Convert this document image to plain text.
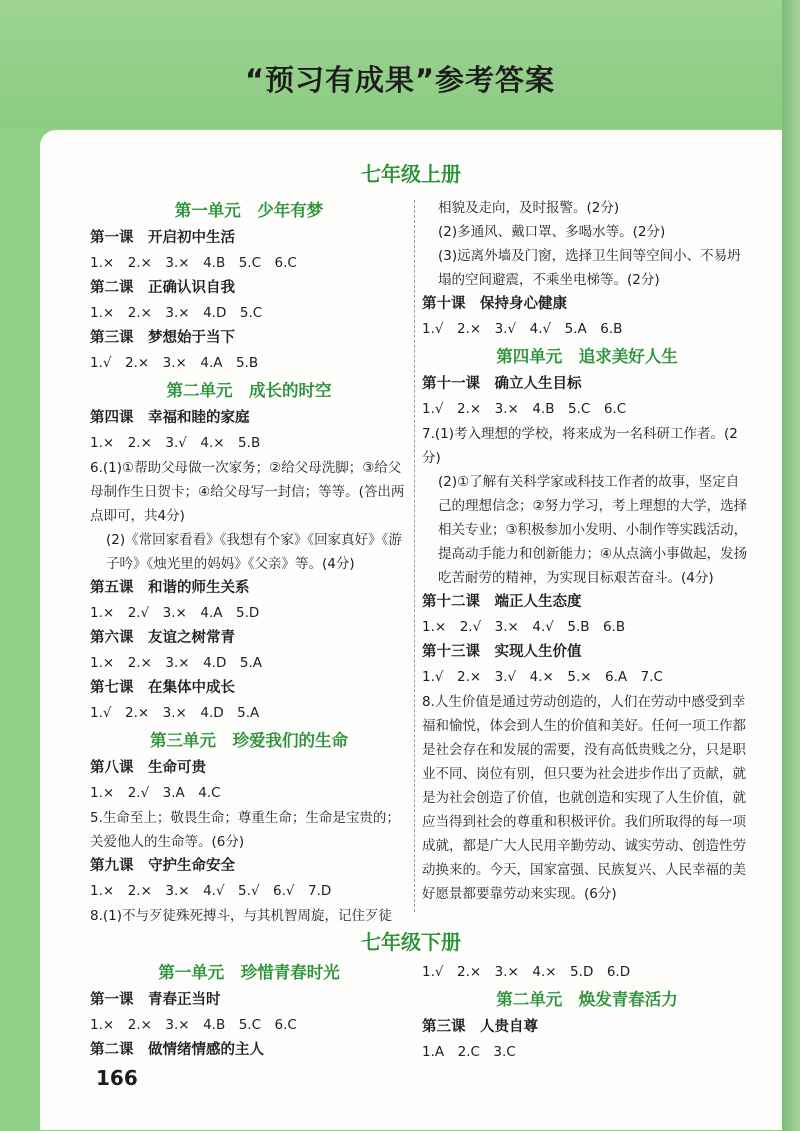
“预习有成果”参考答案
七年级上册
第一单元　少年有梦
第一课　开启初中生活
1.×　2.×　3.×　4.B　5.C　6.C
第二课　正确认识自我
1.×　2.×　3.×　4.D　5.C
第三课　梦想始于当下
1.√　2.×　3.×　4.A　5.B
第二单元　成长的时空
第四课　幸福和睦的家庭
1.×　2.×　3.√　4.×　5.B
6.(1)①帮助父母做一次家务；②给父母洗脚；③给父母制作生日贺卡；④给父母写一封信；等等。(答出两点即可，共4分)
(2)《常回家看看》《我想有个家》《回家真好》《游子吟》《烛光里的妈妈》《父亲》等。(4分)
第五课　和谐的师生关系
1.×　2.√　3.×　4.A　5.D
第六课　友谊之树常青
1.×　2.×　3.×　4.D　5.A
第七课　在集体中成长
1.√　2.×　3.×　4.D　5.A
第三单元　珍爱我们的生命
第八课　生命可贵
1.×　2.√　3.A　4.C
5.生命至上；敬畏生命；尊重生命；生命是宝贵的；关爱他人的生命等。(6分)
第九课　守护生命安全
1.×　2.×　3.×　4.√　5.√　6.√　7.D
8.(1)不与歹徒殊死搏斗，与其机智周旋，记住歹徒
相貌及走向，及时报警。(2分)
(2)多通风、戴口罩、多喝水等。(2分)
(3)远离外墙及门窗，选择卫生间等空间小、不易坍塌的空间避震，不乘坐电梯等。(2分)
第十课　保持身心健康
1.√　2.×　3.√　4.√　5.A　6.B
第四单元　追求美好人生
第十一课　确立人生目标
1.√　2.×　3.×　4.B　5.C　6.C
7.(1)考入理想的学校，将来成为一名科研工作者。(2分)
(2)①了解有关科学家或科技工作者的故事，坚定自己的理想信念；②努力学习，考上理想的大学，选择相关专业；③积极参加小发明、小制作等实践活动，提高动手能力和创新能力；④从点滴小事做起，发扬吃苦耐劳的精神，为实现目标艰苦奋斗。(4分)
第十二课　端正人生态度
1.×　2.√　3.×　4.√　5.B　6.B
第十三课　实现人生价值
1.√　2.×　3.√　4.×　5.×　6.A　7.C
8.人生价值是通过劳动创造的，人们在劳动中感受到幸福和愉悦，体会到人生的价值和美好。任何一项工作都是社会存在和发展的需要，没有高低贵贱之分，只是职业不同、岗位有别，但只要为社会进步作出了贡献，就是为社会创造了价值，也就创造和实现了人生价值，就应当得到社会的尊重和积极评价。我们所取得的每一项成就，都是广大人民用辛勤劳动、诚实劳动、创造性劳动换来的。今天，国家富强、民族复兴、人民幸福的美好愿景都要靠劳动来实现。(6分)
七年级下册
第一单元　珍惜青春时光
第一课　青春正当时
1.×　2.×　3.×　4.B　5.C　6.C
第二课　做情绪情感的主人
1.√　2.×　3.×　4.×　5.D　6.D
第二单元　焕发青春活力
第三课　人贵自尊
1.A　2.C　3.C
166
